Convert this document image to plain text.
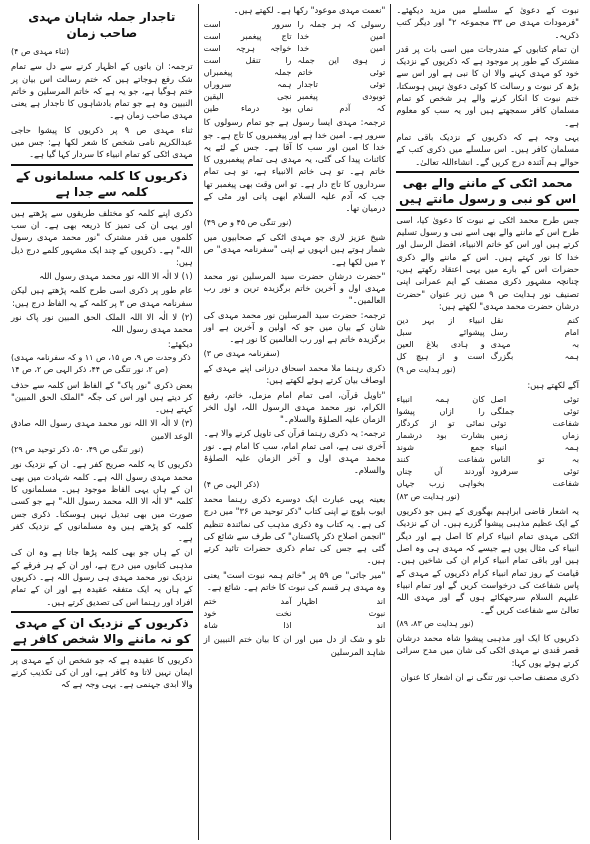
نبوت کے دعویٰ کے سلسلے میں مزید دیکھئے۔ "فرمودات مہدی ص ۳۳ مجموعہ ۲" اور دیگر کتب ذکریہ۔

ان تمام کتابوں کے مندرجات میں اسی بات پر قدر مشترک کے طور پر موجود ہے کہ ذکریوں کے نزدیک خود کو مہدی کہنے والا ان کا نبی ہے اور اس سے بڑھ کر نبوت و رسالت کا کوئی دعویٰ نہیں ہوسکتا، ختم نبوت کا انکار کرنے والے ہر شخص کو تمام مسلمان کافر سمجھتے ہیں اور یہ سب کو معلوم ہے۔

یہی وجہ ہے کہ ذکریوں کے نزدیک باقی تمام مسلمان کافر ہیں۔ اس سلسلے میں ذکری کتب کے حوالے ہم آئندہ درج کریں گے۔ انشاءاللہ تعالیٰ۔

محمد اٹکی کے ماننے والے بھی اس کو نبی و رسول مانتے ہیں

جس طرح محمد اٹکی نے نبوت کا دعویٰ کیا، اسی طرح اس کے ماننے والے بھی اسے نبی و رسول تسلیم کرتے ہیں اور اس کو خاتم الانبیاء، افضل الرسل اور خدا کا نور کہتے ہیں۔ اس کے ماننے والے ذکری حضرات اس کے بارے میں یہی اعتقاد رکھتے ہیں، چنانچہ مشہور ذکری مصنف کے ایم عمرانی اپنی تصنیف نور ہدایت ص ۹ میں زیر عنوان "حضرت درشان حضرت محمد مہدی" لکھتے ہیں:

کنم نقل
انبیاء از بہر دین
امام رسل
پیشوائے سبل
بہ مہدی
و ہادی بلاغ العین
ہمہ بگزرگ
است و از ہیچ کل
(نور ہدایت ص ۹)

آگے لکھتے ہیں:

توئی اصل
کان ہمہ انبیاء
توئی جملگی
را ازاں پیشوا
شفاعت توئی
نمائی تو از کردگار
زماں زمیں
بشارت بود درشمار
ہمہ انبیاء
جمع شوند
بہ تو الناس
شفاعت کنند
توئی سرفرود
آوردند آں چناں
شفاعت
بخواہی زرب جہاں
(نور ہدایت ص ۸۳)

یہ اشعار قاضی ابراہیم بھگوری کے ہیں جو ذکریوں کے ایک عظیم مذہبی پیشوا گزرے ہیں۔ ان کے نزدیک اٹکی مہدی تمام انبیاء کرام کا اصل ہے اور دیگر انبیاء کی مثال یوں ہے جیسے کہ مہدی ہی وہ اصل ہیں اور باقی تمام انبیاء کرام ان کی شاخیں ہیں۔ قیامت کے روز تمام انبیاء کرام ذکریوں کے مہدی کے پاس شفاعت کی درخواست کریں گے اور تمام انبیاء علیہم السلام سرجھکائے ہوں گے اور مہدی اللہ تعالیٰ سے شفاعت کریں گے۔

(نور ہدایت ص ۸۳، ۸۹)

ذکریوں کا ایک اور مذہبی پیشوا شاہ محمد درشان قصر قندی نے مہدی اٹکی کی شان میں مدح سرائی کرتے ہوئے یوں کہا:

ذکری مصنف صاحب نور تنگی نے ان اشعار کا عنوان

"نعمت مہدی موعود" رکھا ہے۔ لکھتے ہیں۔

رسولی کہ ہر جملہ را
سرور است
امین خدا
تاج پیغمبر است
امین خدا
خواجہ ہرچہ است
ز ہوی این جملہ
را تنقل است
توئی خاتم
جملہ پیغمبراں
توئی تاجدار
ہمہ سروراں
توبودی پیغمبر
نجی الیقین
کہ آدم نماں
بود درماء طین

ترجمہ: مہدی ایسا رسول ہے جو تمام رسولوں کا سرور ہے۔ امین خدا ہے اور پیغمبروں کا تاج ہے۔ جو خدا کا امین اور سب کا آقا ہے۔ جس کے لئے یہ کائنات پیدا کی گئی، یہ مہدی ہی تمام پیغمبروں کا خاتم ہے۔ تو ہی خاتم الانبیاء ہے، تو ہی تمام سرداروں کا تاج دار ہے۔ تو اس وقت بھی پیغمبر تھا جب کہ آدم علیہ السلام ابھی پانی اور مٹی کے درمیان تھا۔

(نور تنگی ص ۴۵ و ص ۴۹)

شیخ عزیز لاری جو مہدی اٹکی کے صحابیوں میں شمار ہوتے ہیں انہوں نے اپنی "سفرنامہ مہدی" ص ۲ میں لکھا ہے۔

"حضرت درشان حضرت سید المرسلین نور محمد مہدی اول و آخرین خاتم برگزیدہ ترین و نور رب العالمین۔"

ترجمہ: حضرت سید المرسلین نور محمد مہدی کی شان کے بیان میں جو کہ اولین و آخرین ہے اور برگزیدہ خاتم ہے اور رب العالمین کا نور ہے۔

(سفرنامہ مہدی ص ۳)

ذکری رہنما ملا محمد اسحاق درزانی اپنے مہدی کے اوصاف بیان کرتے ہوئے لکھتے ہیں:

"تاویل قرآن، امی تمام امام مزمل، خاتم، رفیع الکرام، نور محمد مہدی الرسول اللہ، اول الخر الزمان علیہ الصلوٰۃ والسلام۔"

ترجمہ: یہ ذکری رہنما قرآن کی تاویل کرنے والا ہے۔ آخری نبی ہے، امی تمام امام، سب کا امام ہے۔ نور محمد مہدی اول و آخر الزمان علیہ الصلوٰۃ والسلام۔

(ذکر الہی ص ۴)

بعینہ یہی عبارت ایک دوسرے ذکری رہنما محمد ایوب بلوچ نے اپنی کتاب "ذکر توحید ص ۳۶" میں درج کی ہے۔ یہ کتاب وہ ذکری مذہب کی نمائندہ تنظیم "انجمن اصلاح ذکر پاکستان" کی طرف سے شائع کی گئی ہے جس کی تمام ذکری حضرات تائید کرتے ہیں۔

"میر جائی" ص ۵۹ پر "خاتم ہمہ نبوت است" یعنی وہ مہدی ہر قسم کی نبوت کا خاتم ہے۔ شائع ہے۔

اند اظہار
آمد ختم
نبوت
نخت خود
اند
اذا شاہ

تلو و شک از دل میں اور ان کا بیان ختم النبیین از شاہد المرسلین

تاجدار جملہ شاہان مہدی صاحب زمان
(ثناء مہدی ص ۴)

ترجمہ: ان باتوں کے اظہار کرنے سے دل سے تمام شک رفع ہوجاتے ہیں کہ ختم رسالت اس بیان پر ختم ہوگیا ہے، جو یہ ہے کہ خاتم المرسلین و خاتم النبیین وہ ہے جو تمام بادشاہوں کا تاجدار ہے یعنی مہدی صاحب زمان ہے۔

ثناء مہدی ص ۹ پر ذکریوں کا پیشوا حاجی عبدالکریم نامی شخص کا شعر لکھا ہے: جس میں مہدی اٹکی کو تمام انبیاء کا سردار کہا گیا ہے۔

ذکریوں کا کلمہ مسلمانوں کے کلمہ سے جدا ہے

ذکری اپنے کلمہ کو مختلف طریقوں سے پڑھتے ہیں اور یہی ان کی تمیز کا ذریعہ بھی ہے۔ ان سب کلموں میں قدر مشترک "نور محمد مہدی رسول اللہ" ہے۔ ذکریوں کے چند ایک مشہور کلمے درج ذیل ہیں:

(۱) لا الٰہ الا اللہ نور محمد مہدی رسول اللہ

عام طور پر ذکری اسی طرح کلمہ پڑھتے ہیں لیکن سفرنامہ مہدی ص ۳ پر کلمہ کے یہ الفاظ درج ہیں:

(۲) لا الٰہ الا اللہ الملک الحق المبین نور پاک نور محمد مہدی رسول اللہ

دیکھئے:

(ذکر وحدت ص ۹، ص ۱۵، ص ۱۱ و کہ سفرنامہ مہدی ص ۲، نور تنگی ص ۴۴، ذکر الہی ص ۲، ص ۱۴)

بعض ذکری "نور پاک" کے الفاظ اس کلمہ سے حذف کر دیتے ہیں اور اس کی جگہ "الملک الحق المبین" کہتے ہیں۔

(۳) لا الٰہ الا اللہ نور محمد مہدی رسول اللہ صادق الوعد الامین

(نور تنگی ص ۴۹، ۵۰، ذکر توحید ص ۲۹)

ذکریوں کا یہ کلمہ صریح کفر ہے۔ ان کے نزدیک نور محمد مہدی رسول اللہ ہے۔ کلمہ شہادت میں بھی ان کے ہاں یہی الفاظ موجود ہیں۔ مسلمانوں کا کلمہ "لا الٰہ الا اللہ محمد رسول اللہ" ہے جو کسی صورت میں بھی تبدیل نہیں ہوسکتا۔ ذکری جس کلمہ کو پڑھتے ہیں وہ مسلمانوں کے نزدیک کفر ہے۔

ان کے ہاں جو بھی کلمہ پڑھا جاتا ہے وہ ان کی مذہبی کتابوں میں درج ہے، اور ان کے ہر فرقے کے نزدیک نور محمد مہدی ہی رسول اللہ ہے۔ ذکریوں کے ہاں یہ ایک متفقہ عقیدہ ہے اور ان کے تمام افراد اور رہنما اس کی تصدیق کرتے ہیں۔

ذکریوں کے نزدیک ان کے مہدی کو نہ ماننے والا شخص کافر ہے

ذکریوں کا عقیدہ ہے کہ جو شخص ان کے مہدی پر ایمان نہیں لاتا وہ کافر ہے، اور ان کی تکذیب کرنے والا ابدی جہنمی ہے۔ یہی وجہ ہے کہ
